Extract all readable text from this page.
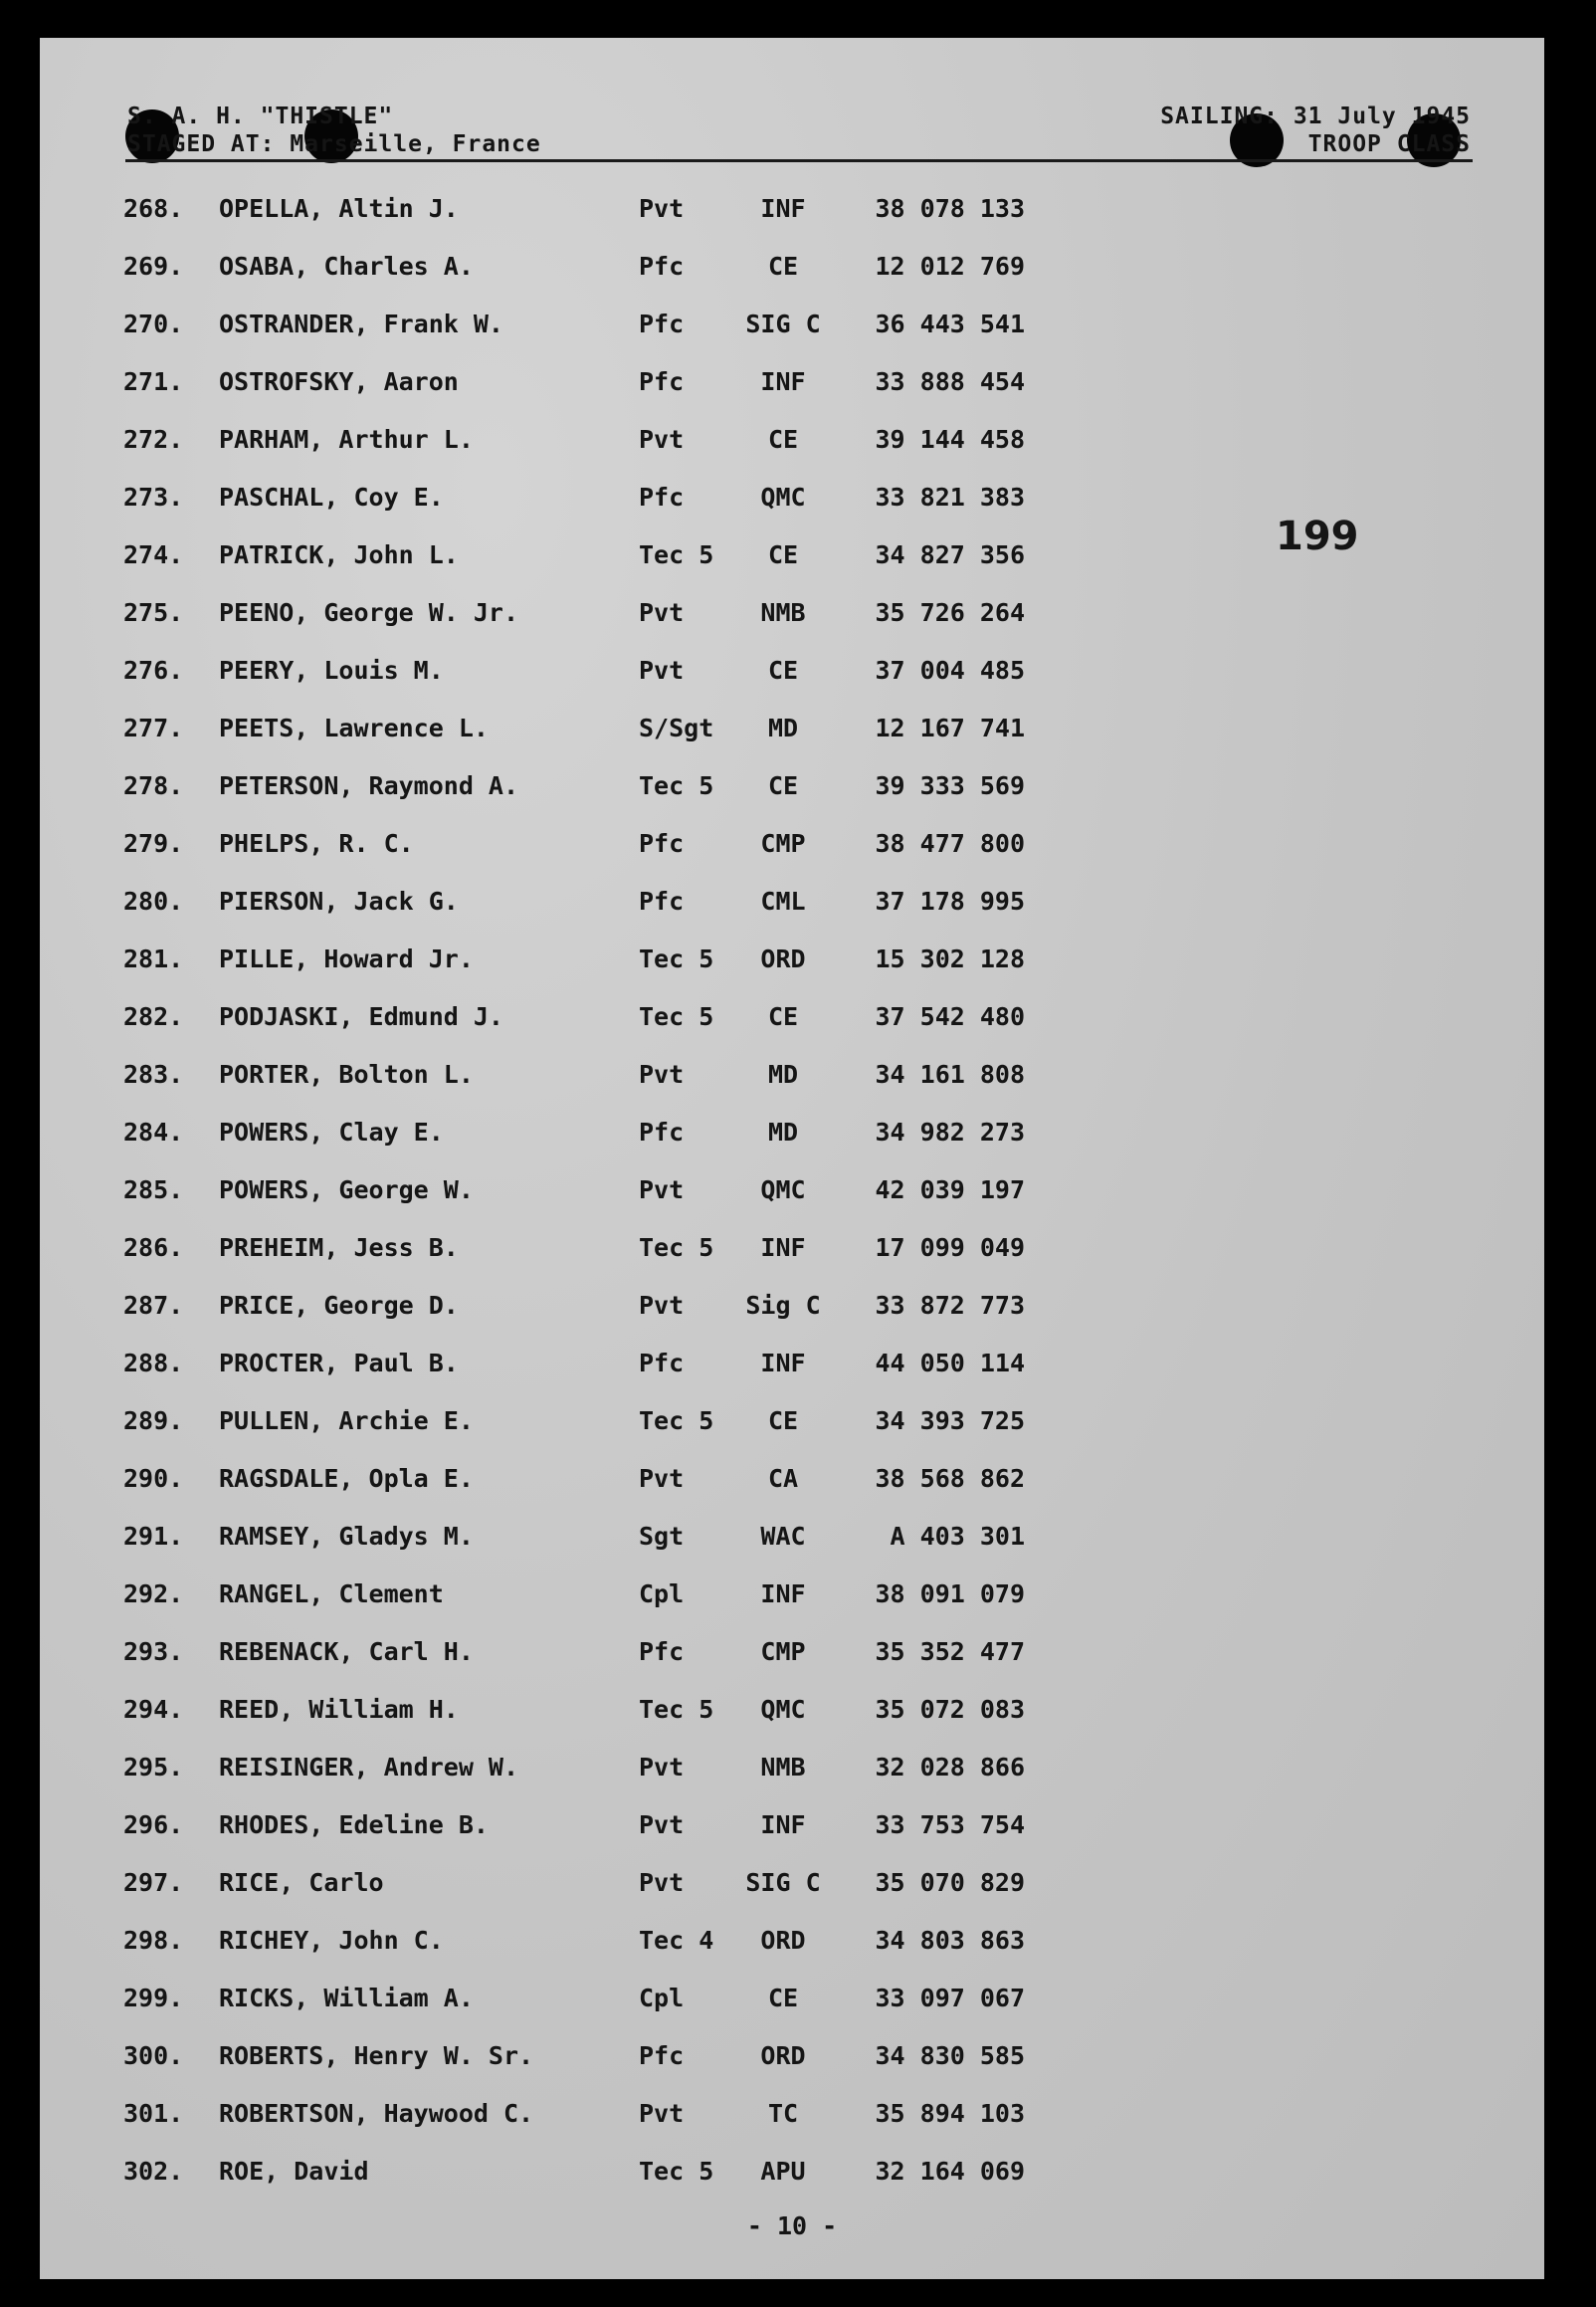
S. A. H. "THISTLE"	SAILING: 31 July 1945
STAGED AT: Marseille, France	TROOP CLASS
199
268. OPELLA, Altin J.	Pvt	INF	38 078 133
269. OSABA, Charles A.	Pfc	CE	12 012 769
270. OSTRANDER, Frank W.	Pfc	SIG C	36 443 541
271. OSTROFSKY, Aaron	Pfc	INF	33 888 454
272. PARHAM, Arthur L.	Pvt	CE	39 144 458
273. PASCHAL, Coy E.	Pfc	QMC	33 821 383
274. PATRICK, John L.	Tec 5	CE	34 827 356
275. PEENO, George W. Jr.	Pvt	NMB	35 726 264
276. PEERY, Louis M.	Pvt	CE	37 004 485
277. PEETS, Lawrence L.	S/Sgt	MD	12 167 741
278. PETERSON, Raymond A.	Tec 5	CE	39 333 569
279. PHELPS, R. C.	Pfc	CMP	38 477 800
280. PIERSON, Jack G.	Pfc	CML	37 178 995
281. PILLE, Howard Jr.	Tec 5	ORD	15 302 128
282. PODJASKI, Edmund J.	Tec 5	CE	37 542 480
283. PORTER, Bolton L.	Pvt	MD	34 161 808
284. POWERS, Clay E.	Pfc	MD	34 982 273
285. POWERS, George W.	Pvt	QMC	42 039 197
286. PREHEIM, Jess B.	Tec 5	INF	17 099 049
287. PRICE, George D.	Pvt	Sig C	33 872 773
288. PROCTER, Paul B.	Pfc	INF	44 050 114
289. PULLEN, Archie E.	Tec 5	CE	34 393 725
290. RAGSDALE, Opla E.	Pvt	CA	38 568 862
291. RAMSEY, Gladys M.	Sgt	WAC	A 403 301
292. RANGEL, Clement	Cpl	INF	38 091 079
293. REBENACK, Carl H.	Pfc	CMP	35 352 477
294. REED, William H.	Tec 5	QMC	35 072 083
295. REISINGER, Andrew W.	Pvt	NMB	32 028 866
296. RHODES, Edeline B.	Pvt	INF	33 753 754
297. RICE, Carlo	Pvt	SIG C	35 070 829
298. RICHEY, John C.	Tec 4	ORD	34 803 863
299. RICKS, William A.	Cpl	CE	33 097 067
300. ROBERTS, Henry W. Sr.	Pfc	ORD	34 830 585
301. ROBERTSON, Haywood C.	Pvt	TC	35 894 103
302. ROE, David	Tec 5	APU	32 164 069
- 10 -
